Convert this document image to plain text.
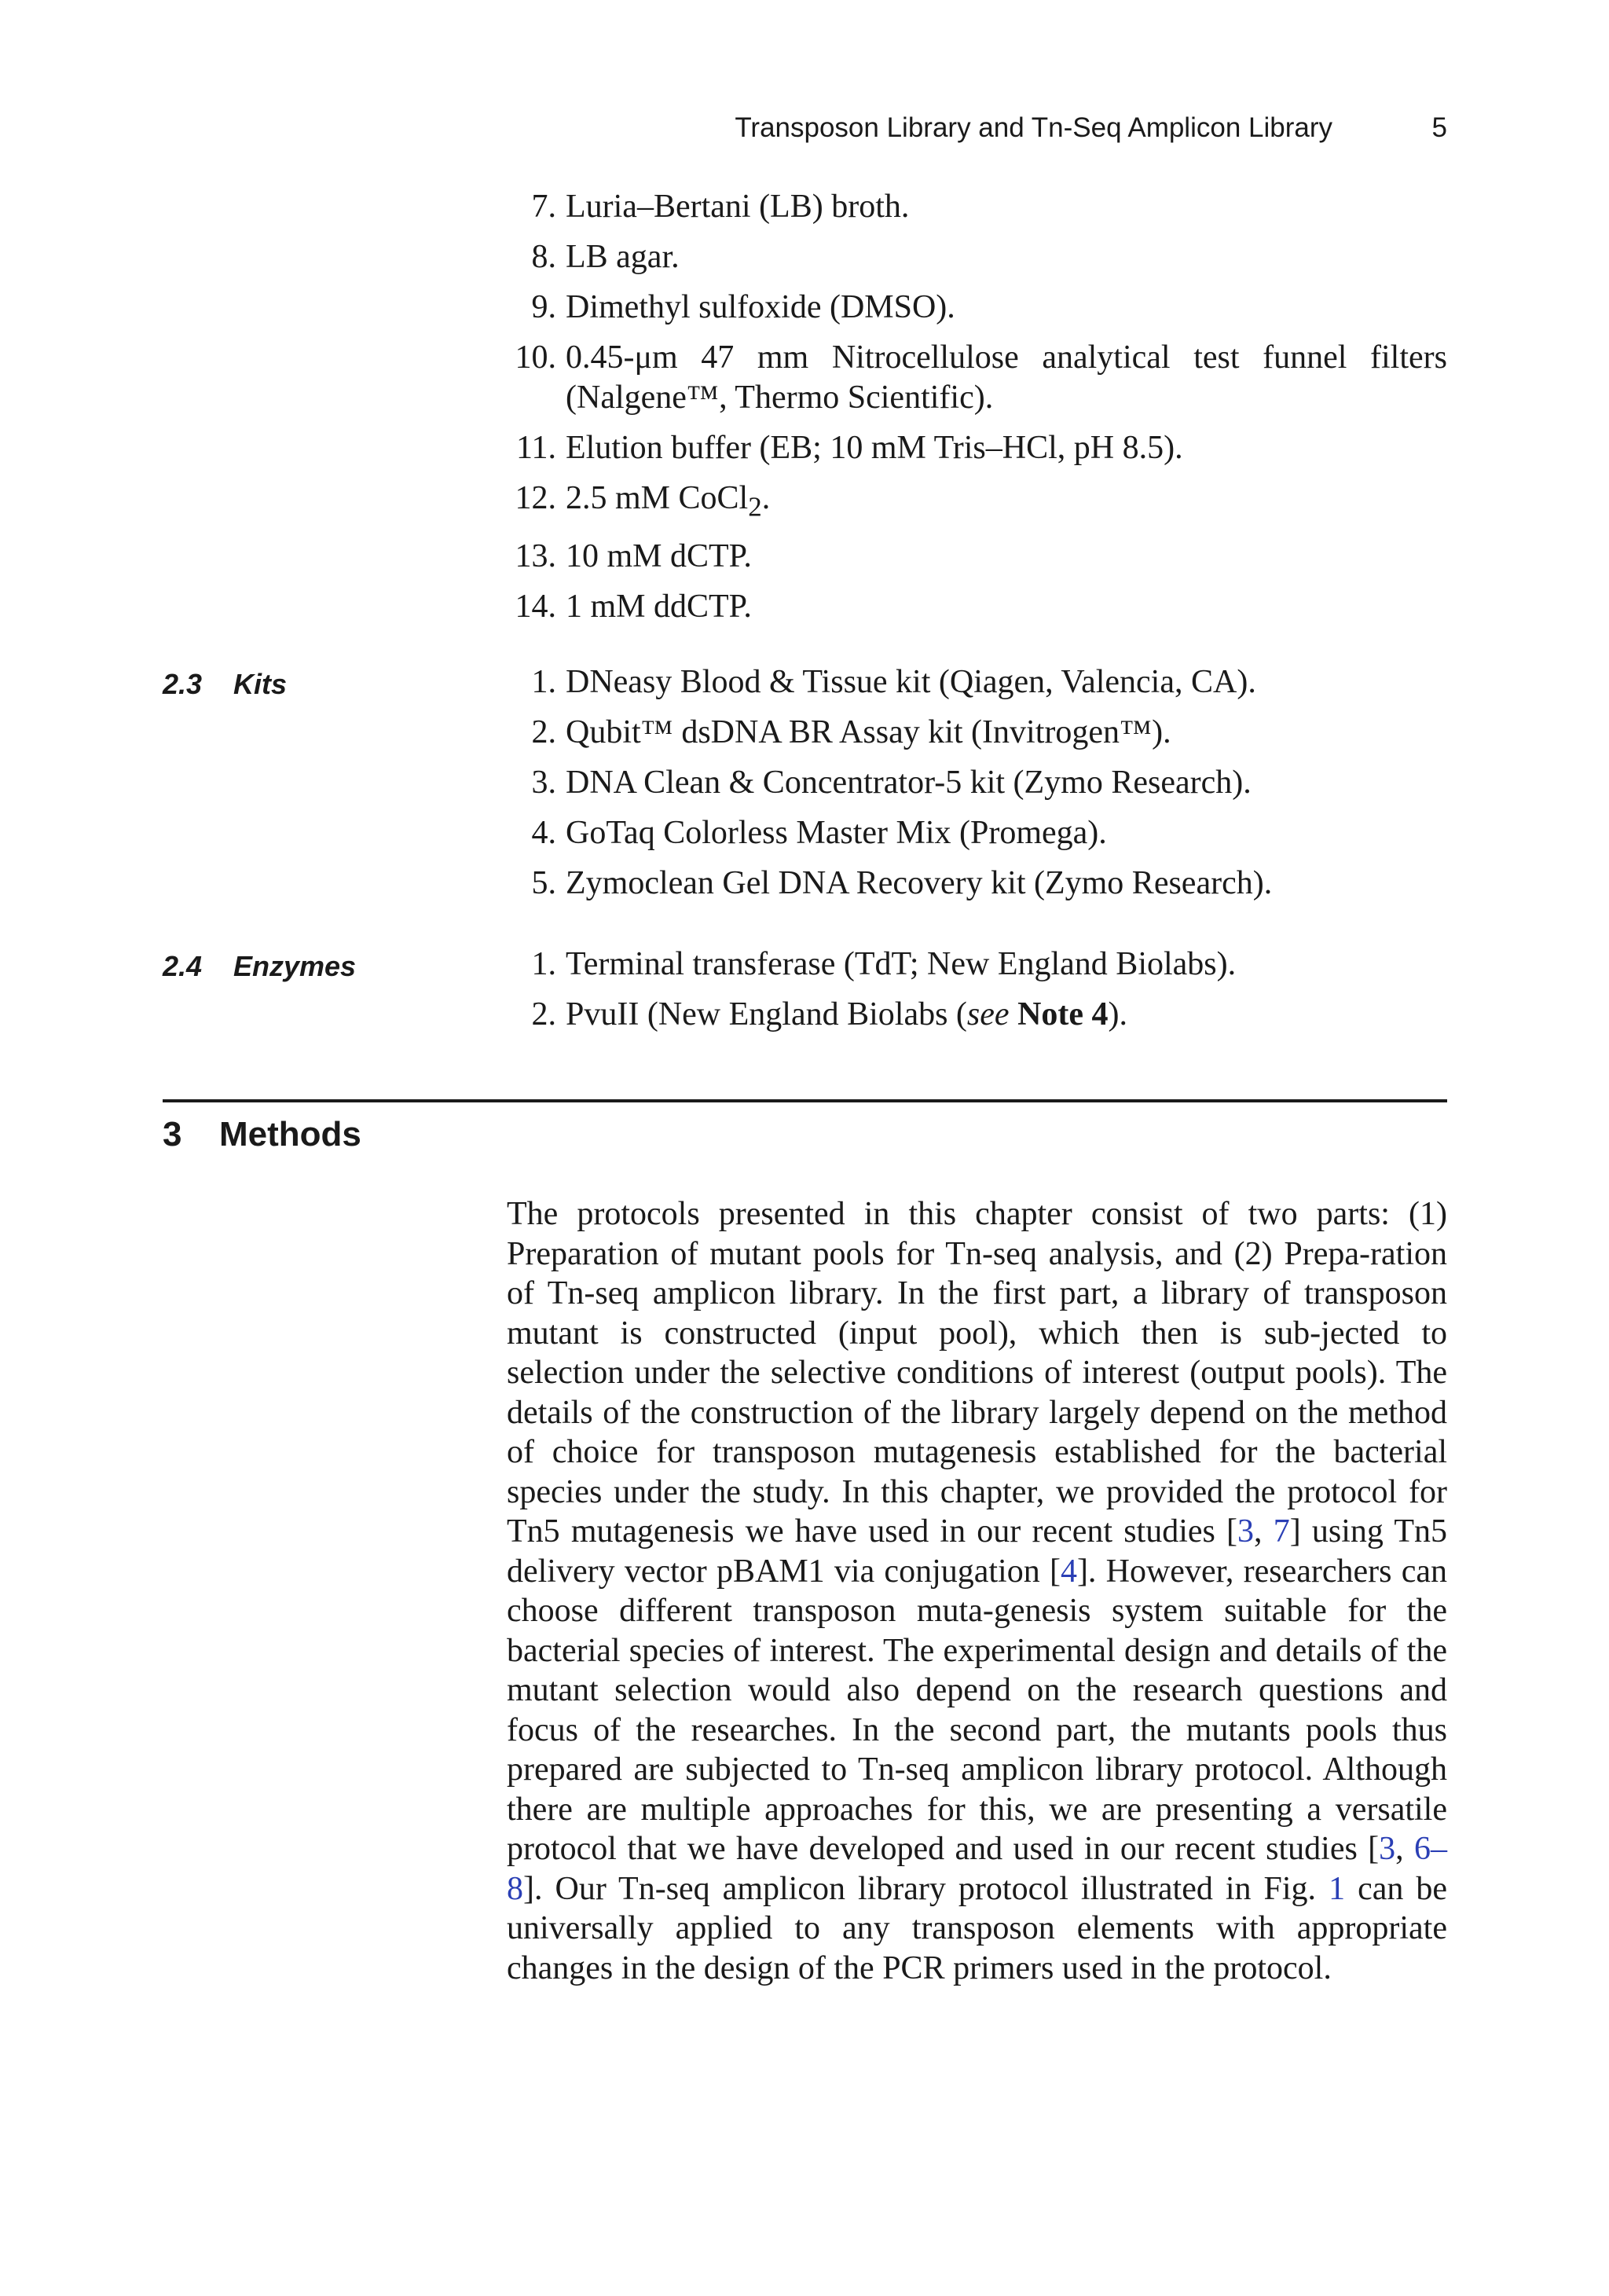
Transposon Library and Tn-Seq Amplicon Library	5
7. Luria–Bertani (LB) broth.
8. LB agar.
9. Dimethyl sulfoxide (DMSO).
10. 0.45-μm 47 mm Nitrocellulose analytical test funnel filters (Nalgene™, Thermo Scientific).
11. Elution buffer (EB; 10 mM Tris–HCl, pH 8.5).
12. 2.5 mM CoCl$_2$.
13. 10 mM dCTP.
14. 1 mM ddCTP.
2.3 Kits	1. DNeasy Blood & Tissue kit (Qiagen, Valencia, CA).
2. Qubit™ dsDNA BR Assay kit (Invitrogen™).
3. DNA Clean & Concentrator-5 kit (Zymo Research).
4. GoTaq Colorless Master Mix (Promega).
5. Zymoclean Gel DNA Recovery kit (Zymo Research).
2.4 Enzymes	1. Terminal transferase (TdT; New England Biolabs).
2. PvuII (New England Biolabs (see Note 4).
3 Methods

The protocols presented in this chapter consist of two parts: (1) Preparation of mutant pools for Tn-seq analysis, and (2) Prepa-ration of Tn-seq amplicon library. In the first part, a library of transposon mutant is constructed (input pool), which then is sub-jected to selection under the selective conditions of interest (output pools). The details of the construction of the library largely depend on the method of choice for transposon mutagenesis established for the bacterial species under the study. In this chapter, we provided the protocol for Tn5 mutagenesis we have used in our recent studies [3, 7] using Tn5 delivery vector pBAM1 via conjugation [4]. However, researchers can choose different transposon muta-genesis system suitable for the bacterial species of interest. The experimental design and details of the mutant selection would also depend on the research questions and focus of the researches. In the second part, the mutants pools thus prepared are subjected to Tn-seq amplicon library protocol. Although there are multiple approaches for this, we are presenting a versatile protocol that we have developed and used in our recent studies [3, 6–8]. Our Tn-seq amplicon library protocol illustrated in Fig. 1 can be universally applied to any transposon elements with appropriate changes in the design of the PCR primers used in the protocol.
